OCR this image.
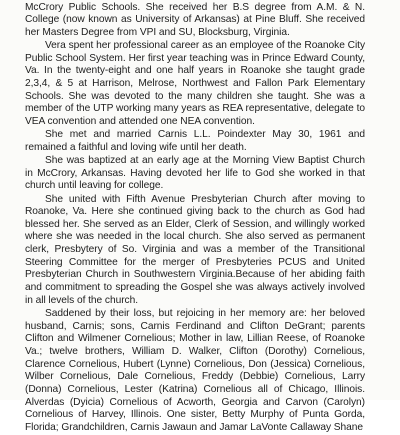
McCrory Public Schools. She received her B.S degree from A.M. & N. College (now known as University of Arkansas) at Pine Bluff. She received her Masters Degree from VPI and SU, Blocksburg, Virginia.

Vera spent her professional career as an employee of the Roanoke City Public School System. Her first year teaching was in Prince Edward County, Va. In the twenty-eight and one half years in Roanoke she taught grade 2,3,4, & 5 at Harrison, Melrose, Northwest and Fallon Park Elementary Schools. She was devoted to the many children she taught. She was a member of the UTP working many years as REA representative, delegate to VEA convention and attended one NEA convention.

She met and married Carnis L.L. Poindexter May 30, 1961 and remained a faithful and loving wife until her death.

She was baptized at an early age at the Morning View Baptist Church in McCrory, Arkansas. Having devoted her life to God she worked in that church until leaving for college.

She united with Fifth Avenue Presbyterian Church after moving to Roanoke, Va. Here she continued giving back to the church as God had blessed her. She served as an Elder, Clerk of Session, and willingly worked where she was needed in the local church. She also served as permanent clerk, Presbytery of So. Virginia and was a member of the Transitional Steering Committee for the merger of Presbyteries PCUS and United Presbyterian Church in Southwestern Virginia.Because of her abiding faith and commitment to spreading the Gospel she was always actively involved in all levels of the church.

Saddened by their loss, but rejoicing in her memory are: her beloved husband, Carnis; sons, Carnis Ferdinand and Clifton DeGrant; parents Clifton and Wilmener Cornelious; Mother in law, Lillian Reese, of Roanoke Va.; twelve brothers, William D. Walker, Clifton (Dorothy) Cornelious, Clarence Cornelious, Hubert (Lynne) Cornelious, Don (Jessica) Cornelious, Wilber Cornelious, Dale Cornelious, Freddy (Debbie) Cornelious, Larry (Donna) Cornelious, Lester (Katrina) Cornelious all of Chicago, Illinois. Alverdas (Dyicia) Cornelious of Acworth, Georgia and Carvon (Carolyn) Cornelious of Harvey, Illinois. One sister, Betty Murphy of Punta Gorda, Florida; Grandchildren, Carnis Jawaun and Jamar LaVonte Callaway Shane
